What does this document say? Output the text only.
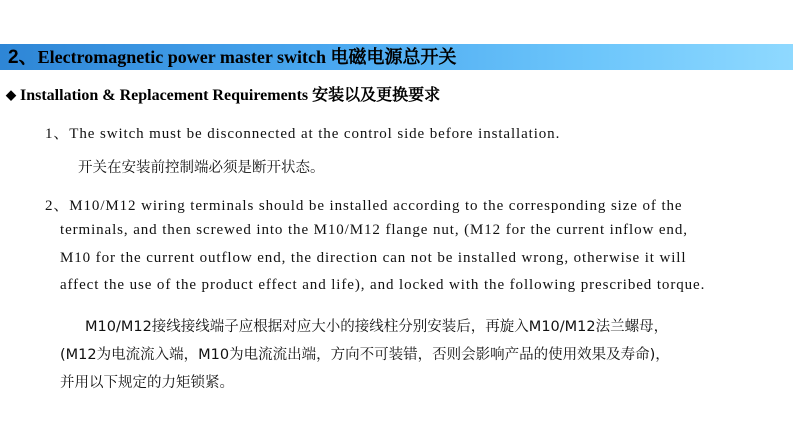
2、Electromagnetic power master switch 电磁电源总开关
◆ Installation & Replacement Requirements 安装以及更换要求
1、The switch must be disconnected at the control side before installation.
开关在安装前控制端必须是断开状态。
2、M10/M12 wiring terminals should be installed according to the corresponding size of the
terminals, and then screwed into the M10/M12 flange nut, (M12 for the current inflow end,
M10 for the current outflow end, the direction can not be installed wrong, otherwise it will
affect the use of the product effect and life), and locked with the following prescribed torque.
M10/M12接线接线端子应根据对应大小的接线柱分别安装后，再旋入M10/M12法兰螺母，
(M12为电流流入端，M10为电流流出端，方向不可装错，否则会影响产品的使用效果及寿命)，
并用以下规定的力矩锁紧。
